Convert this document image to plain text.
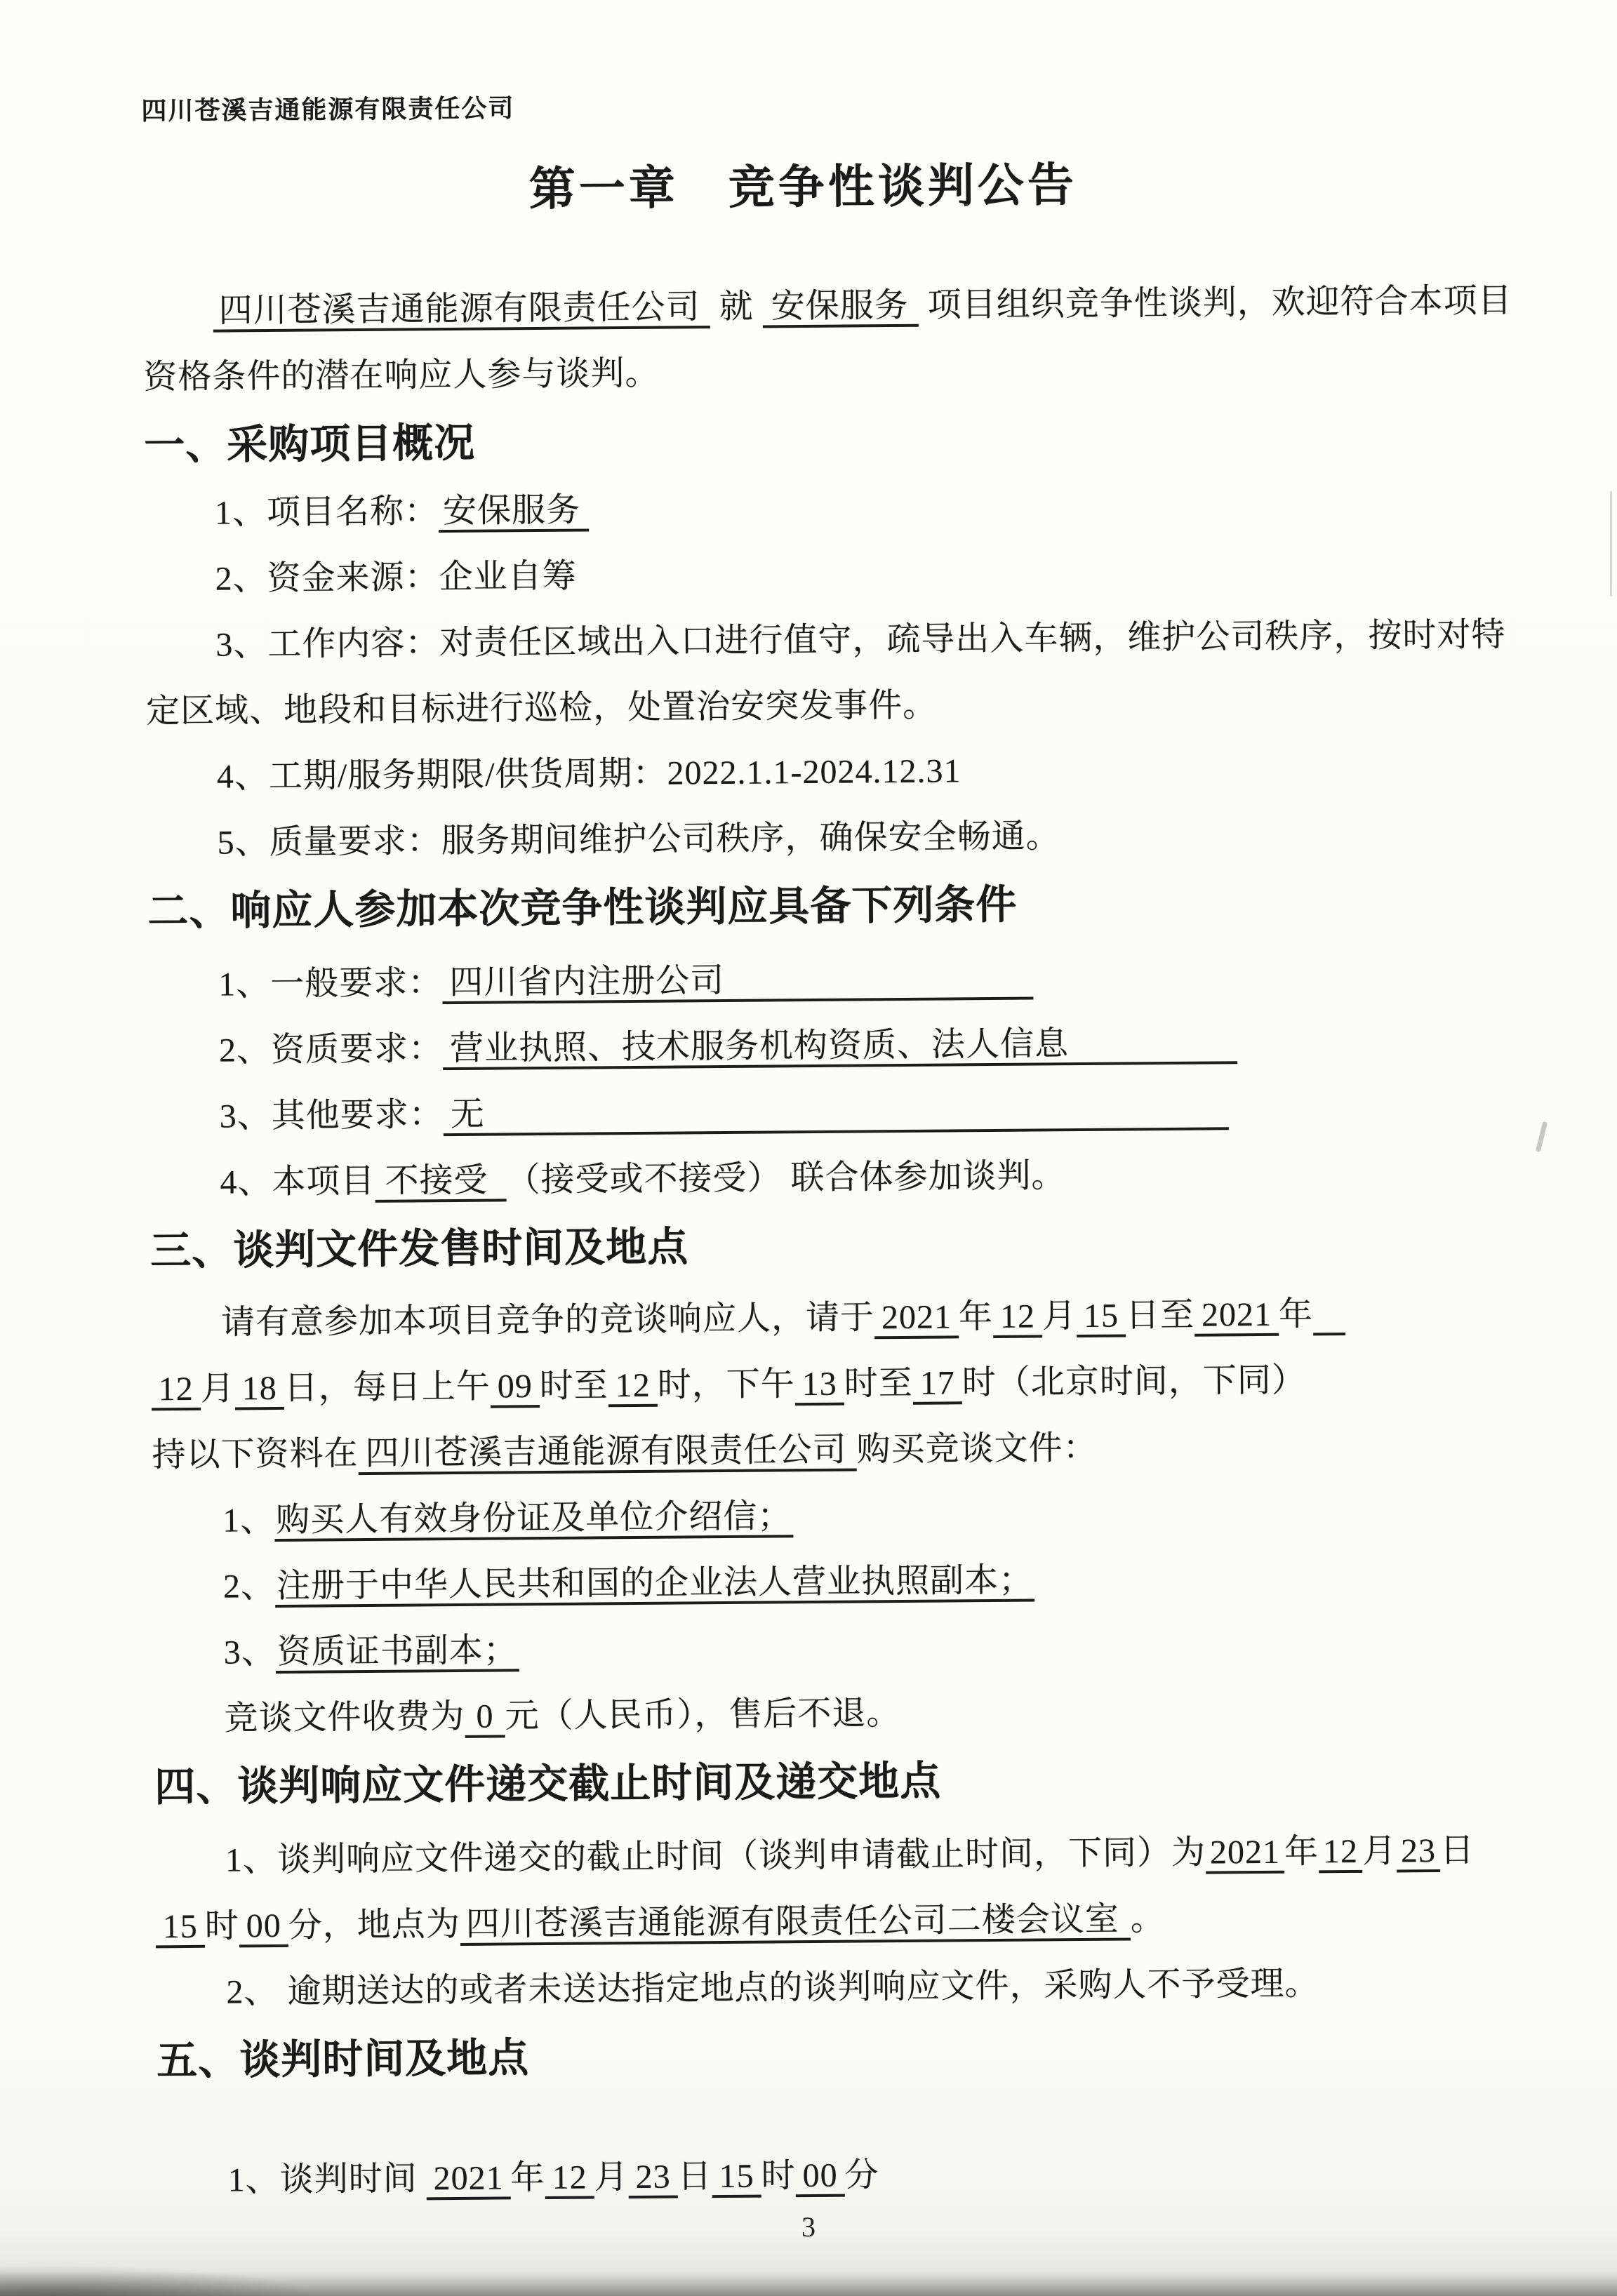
四川苍溪吉通能源有限责任公司
第一章　竞争性谈判公告
四川苍溪吉通能源有限责任公司 就 安保服务 项目组织竞争性谈判，欢迎符合本项目
资格条件的潜在响应人参与谈判。
一、采购项目概况
1、项目名称： 安保服务
2、资金来源：企业自筹
3、工作内容：对责任区域出入口进行值守，疏导出入车辆，维护公司秩序，按时对特
定区域、地段和目标进行巡检，处置治安突发事件。
4、工期/服务期限/供货周期：2022.1.1-2024.12.31
5、质量要求：服务期间维护公司秩序，确保安全畅通。
二、响应人参加本次竞争性谈判应具备下列条件
1、一般要求： 四川省内注册公司
2、资质要求： 营业执照、技术服务机构资质、法人信息
3、其他要求： 无
4、本项目 不接受 （接受或不接受） 联合体参加谈判。
三、谈判文件发售时间及地点
请有意参加本项目竞争的竞谈响应人，请于 2021 年 12 月 15 日至 2021 年
12 月 18 日，每日上午 09 时至 12 时，下午 13 时至 17 时（北京时间，下同）
持以下资料在 四川苍溪吉通能源有限责任公司 购买竞谈文件：
1、购买人有效身份证及单位介绍信；
2、注册于中华人民共和国的企业法人营业执照副本；
3、资质证书副本；
竞谈文件收费为 0 元（人民币），售后不退。
四、谈判响应文件递交截止时间及递交地点
1、谈判响应文件递交的截止时间（谈判申请截止时间，下同）为 2021 年 12 月 23 日
15 时 00 分，地点为 四川苍溪吉通能源有限责任公司二楼会议室 。
2、 逾期送达的或者未送达指定地点的谈判响应文件，采购人不予受理。
五、谈判时间及地点
1、谈判时间 2021 年 12 月 23 日 15 时 00 分
3
